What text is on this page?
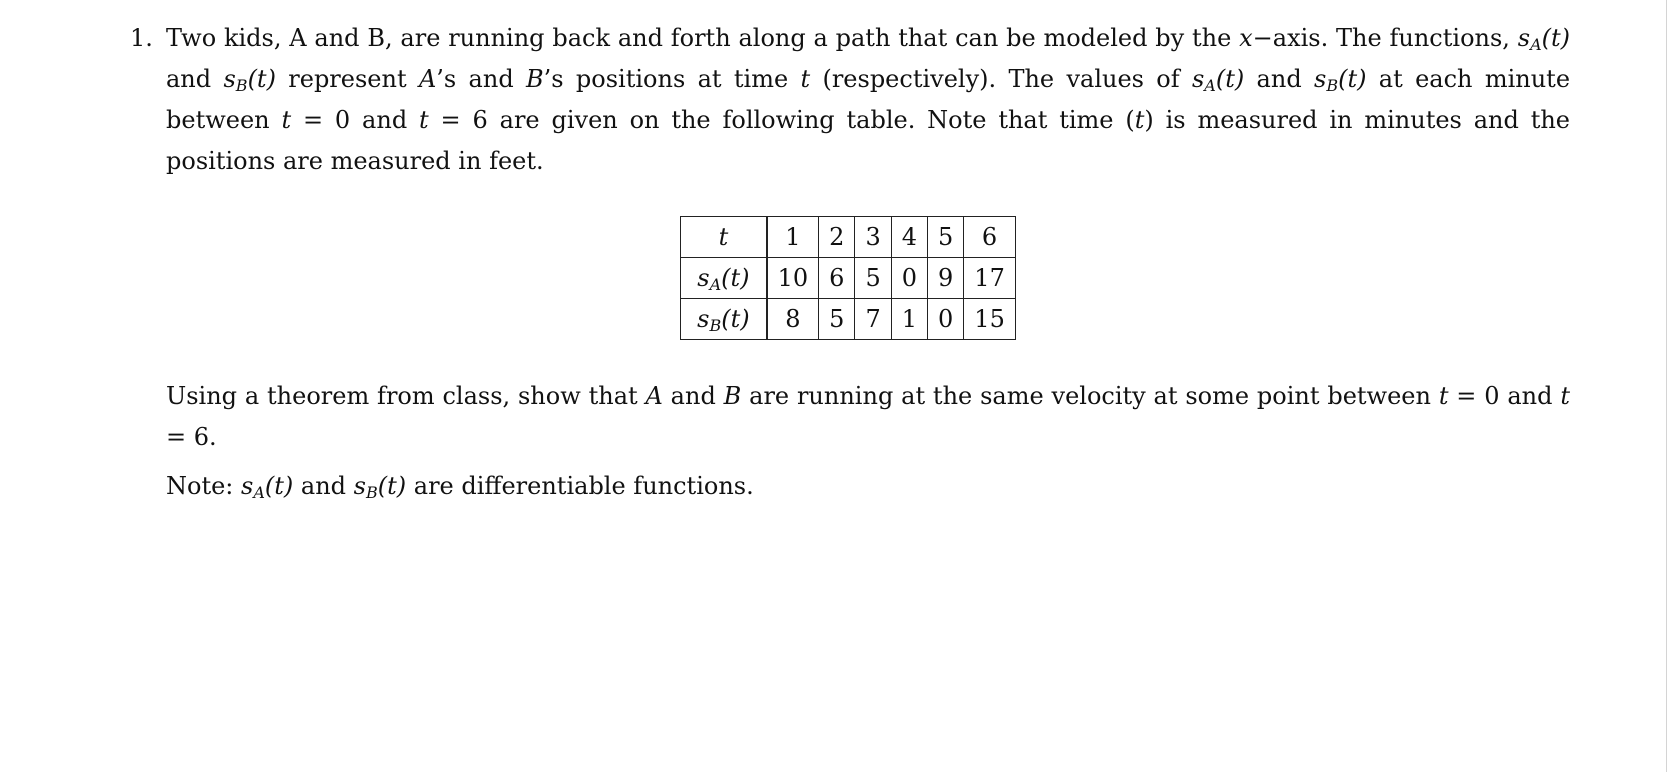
1. Two kids, A and B, are running back and forth along a path that can be modeled by the x−axis. The functions, $s_A(t)$ and $s_B(t)$ represent A’s and B’s positions at time t (respectively). The values of $s_A(t)$ and $s_B(t)$ at each minute between t = 0 and t = 6 are given on the following table. Note that time (t) is measured in minutes and the positions are measured in feet.

t	1	2	3	4	5	6
$s_A(t)$	10	6	5	0	9	17
$s_B(t)$	8	5	7	1	0	15

Using a theorem from class, show that A and B are running at the same velocity at some point between t = 0 and t = 6.

Note: $s_A(t)$ and $s_B(t)$ are differentiable functions.
